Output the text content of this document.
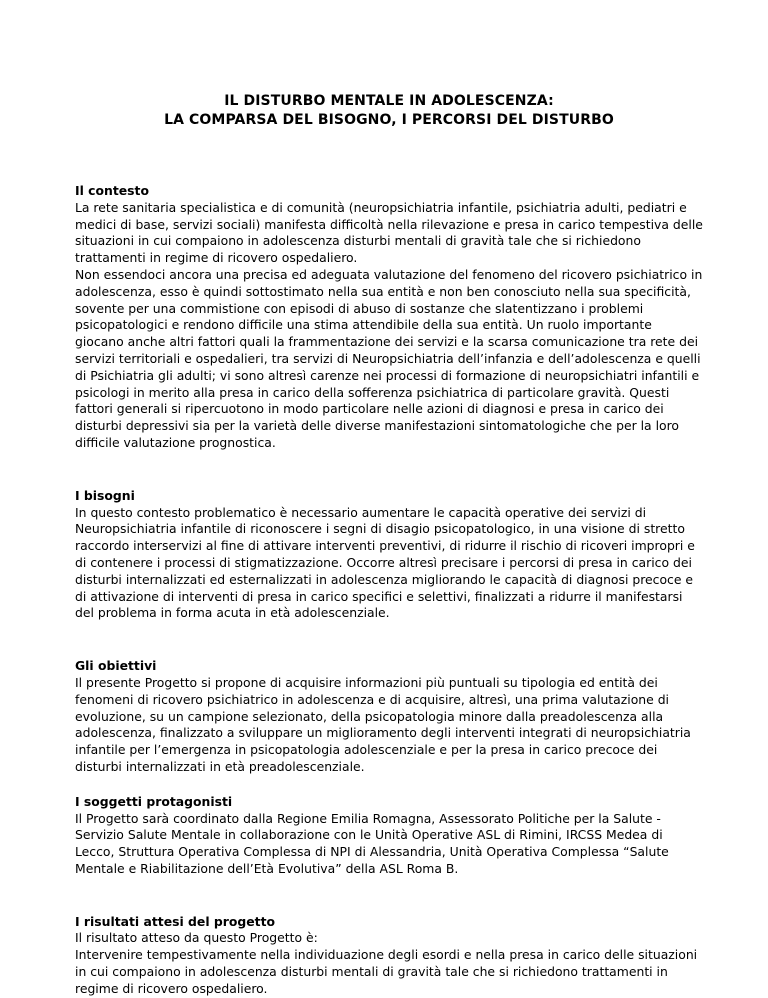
IL DISTURBO MENTALE IN ADOLESCENZA:
LA COMPARSA DEL BISOGNO, I PERCORSI DEL DISTURBO
Il contesto

La rete sanitaria specialistica e di comunità (neuropsichiatria infantile, psichiatria adulti, pediatri e medici di base, servizi sociali) manifesta difficoltà nella rilevazione e presa in carico tempestiva delle situazioni in cui compaiono in adolescenza disturbi mentali di gravità tale che si richiedono trattamenti in regime di ricovero ospedaliero.

Non essendoci ancora una precisa ed adeguata valutazione del fenomeno del ricovero psichiatrico in adolescenza, esso è quindi sottostimato nella sua entità e non ben conosciuto nella sua specificità, sovente per una commistione con episodi di abuso di sostanze che slatentizzano i problemi psicopatologici e rendono difficile una stima attendibile della sua entità. Un ruolo importante giocano anche altri fattori quali la frammentazione dei servizi e la scarsa comunicazione tra rete dei servizi territoriali e ospedalieri, tra servizi di Neuropsichiatria dell’infanzia e dell’adolescenza e quelli di Psichiatria gli adulti; vi sono altresì carenze nei processi di formazione di neuropsichiatri infantili e psicologi in merito alla presa in carico della sofferenza psichiatrica di particolare gravità. Questi fattori generali si ripercuotono in modo particolare nelle azioni di diagnosi e presa in carico dei disturbi depressivi sia per la varietà delle diverse manifestazioni sintomatologiche che per la loro difficile valutazione prognostica.

I bisogni

In questo contesto problematico è necessario aumentare le capacità operative dei servizi di Neuropsichiatria infantile di riconoscere i segni di disagio psicopatologico, in una visione di stretto raccordo interservizi al fine di attivare interventi preventivi, di ridurre il rischio di ricoveri impropri e di contenere i processi di stigmatizzazione. Occorre altresì precisare i percorsi di presa in carico dei disturbi internalizzati ed esternalizzati in adolescenza migliorando le capacità di diagnosi precoce e di attivazione di interventi di presa in carico specifici e selettivi, finalizzati a ridurre il manifestarsi del problema in forma acuta in età adolescenziale.

Gli obiettivi

Il presente Progetto si propone di acquisire informazioni più puntuali su tipologia ed entità dei fenomeni di ricovero psichiatrico in adolescenza e di acquisire, altresì, una prima valutazione di evoluzione, su un campione selezionato, della psicopatologia minore dalla preadolescenza alla adolescenza, finalizzato a sviluppare un miglioramento degli interventi integrati di neuropsichiatria infantile per l’emergenza in psicopatologia adolescenziale e per la presa in carico precoce dei disturbi internalizzati in età preadolescenziale.

I soggetti protagonisti

Il Progetto sarà coordinato dalla Regione Emilia Romagna, Assessorato Politiche per la Salute - Servizio Salute Mentale in collaborazione con le Unità Operative ASL di Rimini, IRCSS Medea di Lecco, Struttura Operativa Complessa di NPI di Alessandria, Unità Operativa Complessa “Salute Mentale e Riabilitazione dell’Età Evolutiva” della ASL Roma B.

I risultati attesi del progetto

Il risultato atteso da questo Progetto è:

Intervenire tempestivamente nella individuazione degli esordi e nella presa in carico delle situazioni in cui compaiono in adolescenza disturbi mentali di gravità tale che si richiedono trattamenti in regime di ricovero ospedaliero.
